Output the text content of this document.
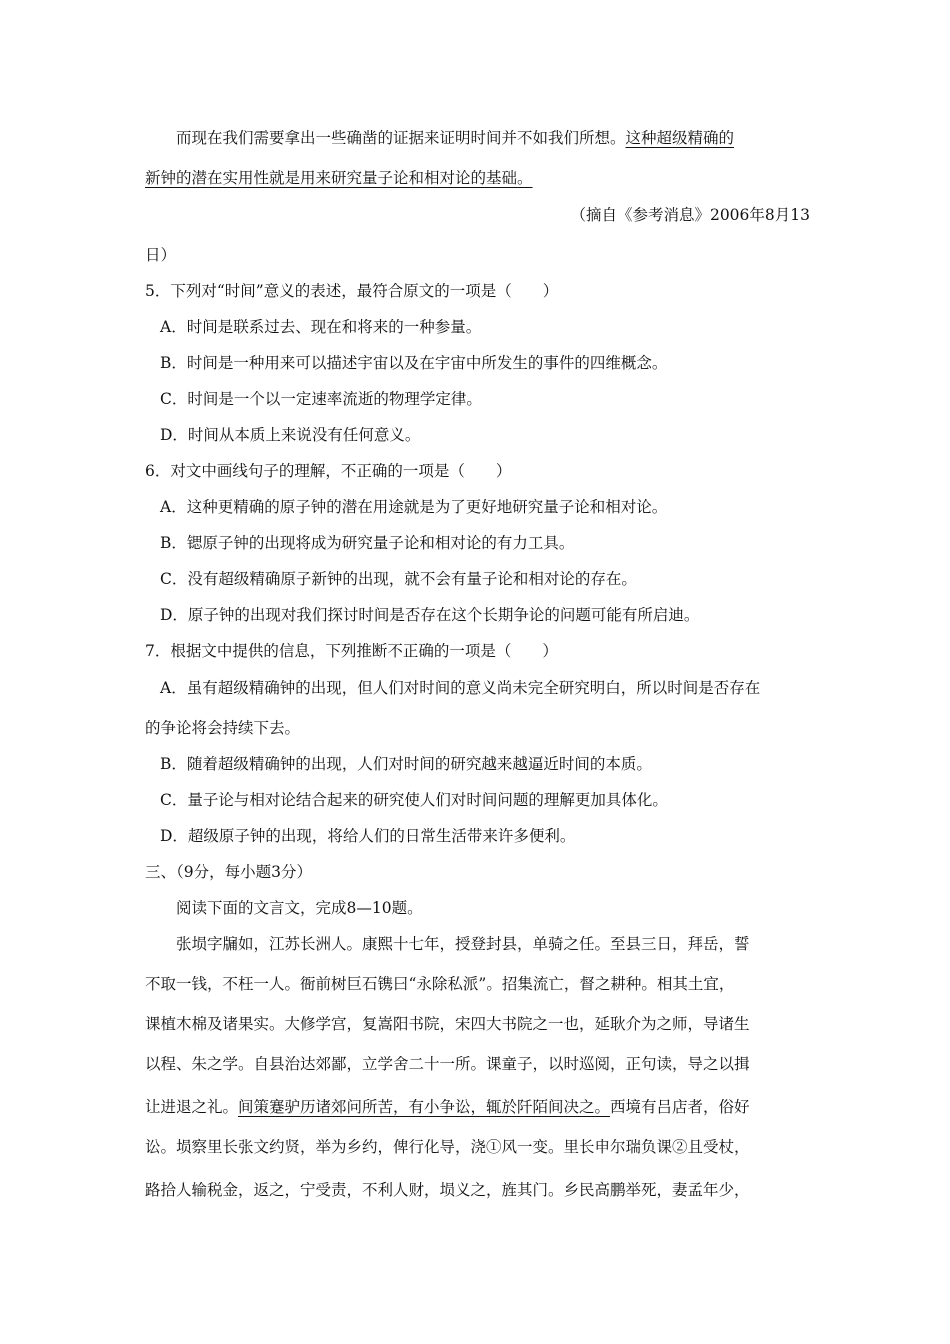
而现在我们需要拿出一些确凿的证据来证明时间并不如我们所想。这种超级精确的
新钟的潜在实用性就是用来研究量子论和相对论的基础。
（摘自《参考消息》2006年8月13
日）
5．下列对“时间”意义的表述，最符合原文的一项是（　　）
A．时间是联系过去、现在和将来的一种参量。
B．时间是一种用来可以描述宇宙以及在宇宙中所发生的事件的四维概念。
C．时间是一个以一定速率流逝的物理学定律。
D．时间从本质上来说没有任何意义。
6．对文中画线句子的理解，不正确的一项是（　　）
A．这种更精确的原子钟的潜在用途就是为了更好地研究量子论和相对论。
B．锶原子钟的出现将成为研究量子论和相对论的有力工具。
C．没有超级精确原子新钟的出现，就不会有量子论和相对论的存在。
D．原子钟的出现对我们探讨时间是否存在这个长期争论的问题可能有所启迪。
7．根据文中提供的信息，下列推断不正确的一项是（　　）
A．虽有超级精确钟的出现，但人们对时间的意义尚未完全研究明白，所以时间是否存在
的争论将会持续下去。
B．随着超级精确钟的出现，人们对时间的研究越来越逼近时间的本质。
C．量子论与相对论结合起来的研究使人们对时间问题的理解更加具体化。
D．超级原子钟的出现，将给人们的日常生活带来许多便利。
三、（9分，每小题3分）
阅读下面的文言文，完成8—10题。
张埙字牖如，江苏长洲人。康熙十七年，授登封县，单骑之任。至县三日，拜岳，誓
不取一钱，不枉一人。衙前树巨石镌曰“永除私派”。招集流亡，督之耕种。相其土宜，
课植木棉及诸果实。大修学宫，复嵩阳书院，宋四大书院之一也，延耿介为之师，导诸生
以程、朱之学。自县治达郊鄙，立学舍二十一所。课童子，以时巡阅，正句读，导之以揖
让进退之礼。间策蹇驴历诸郊问所苦，有小争讼，辄於阡陌间决之。西境有吕店者，俗好
讼。埙察里长张文约贤，举为乡约，俾行化导，浇①风一变。里长申尔瑞负课②且受杖，
路拾人输税金，返之，宁受责，不利人财，埙义之，旌其门。乡民高鹏举死，妻孟年少，
